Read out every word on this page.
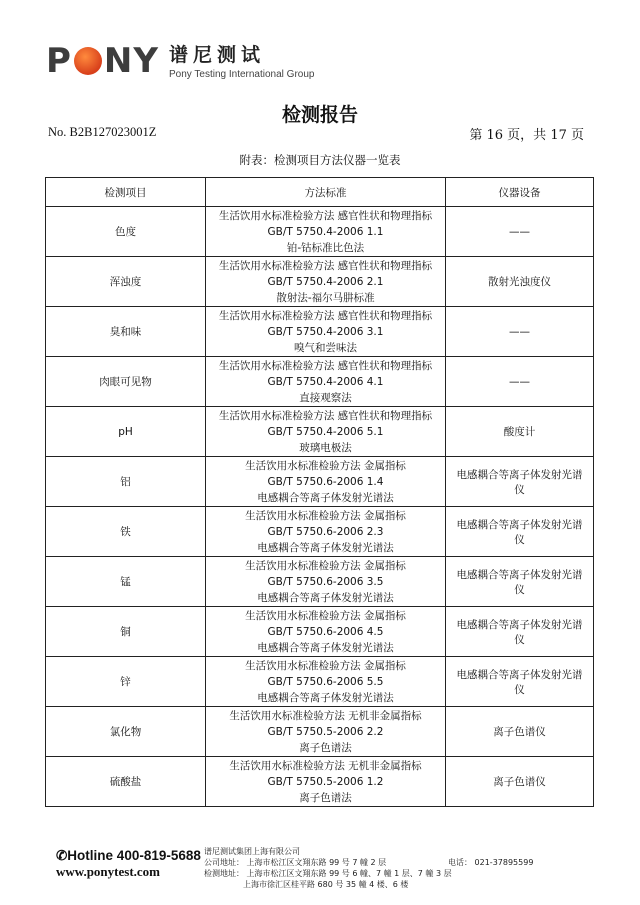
P NY 谱尼测试
Pony Testing International Group
检测报告
No. B2B127023001Z	第 16 页，共 17 页
附表：检测项目方法仪器一览表
检测项目	方法标准	仪器设备
色度	生活饮用水标准检验方法 感官性状和物理指标
GB/T 5750.4-2006 1.1
铂-钴标准比色法	——
浑浊度	生活饮用水标准检验方法 感官性状和物理指标
GB/T 5750.4-2006 2.1
散射法-福尔马肼标准	散射光浊度仪
臭和味	生活饮用水标准检验方法 感官性状和物理指标
GB/T 5750.4-2006 3.1
嗅气和尝味法	——
肉眼可见物	生活饮用水标准检验方法 感官性状和物理指标
GB/T 5750.4-2006 4.1
直接观察法	——
pH	生活饮用水标准检验方法 感官性状和物理指标
GB/T 5750.4-2006 5.1
玻璃电极法	酸度计
铝	生活饮用水标准检验方法 金属指标
GB/T 5750.6-2006 1.4
电感耦合等离子体发射光谱法	电感耦合等离子体发射光谱仪
铁	生活饮用水标准检验方法 金属指标
GB/T 5750.6-2006 2.3
电感耦合等离子体发射光谱法	电感耦合等离子体发射光谱仪
锰	生活饮用水标准检验方法 金属指标
GB/T 5750.6-2006 3.5
电感耦合等离子体发射光谱法	电感耦合等离子体发射光谱仪
铜	生活饮用水标准检验方法 金属指标
GB/T 5750.6-2006 4.5
电感耦合等离子体发射光谱法	电感耦合等离子体发射光谱仪
锌	生活饮用水标准检验方法 金属指标
GB/T 5750.6-2006 5.5
电感耦合等离子体发射光谱法	电感耦合等离子体发射光谱仪
氯化物	生活饮用水标准检验方法 无机非金属指标
GB/T 5750.5-2006 2.2
离子色谱法	离子色谱仪
硫酸盐	生活饮用水标准检验方法 无机非金属指标
GB/T 5750.5-2006 1.2
离子色谱法	离子色谱仪
✆Hotline 400-819-5688
www.ponytest.com
谱尼测试集团上海有限公司
公司地址： 上海市松江区文翔东路 99 号 7 幢 2 层
检测地址： 上海市松江区文翔东路 99 号 6 幢、7 幢 1 层、7 幢 3 层
上海市徐汇区桂平路 680 号 35 幢 4 楼、6 楼
电话： 021-37895599
